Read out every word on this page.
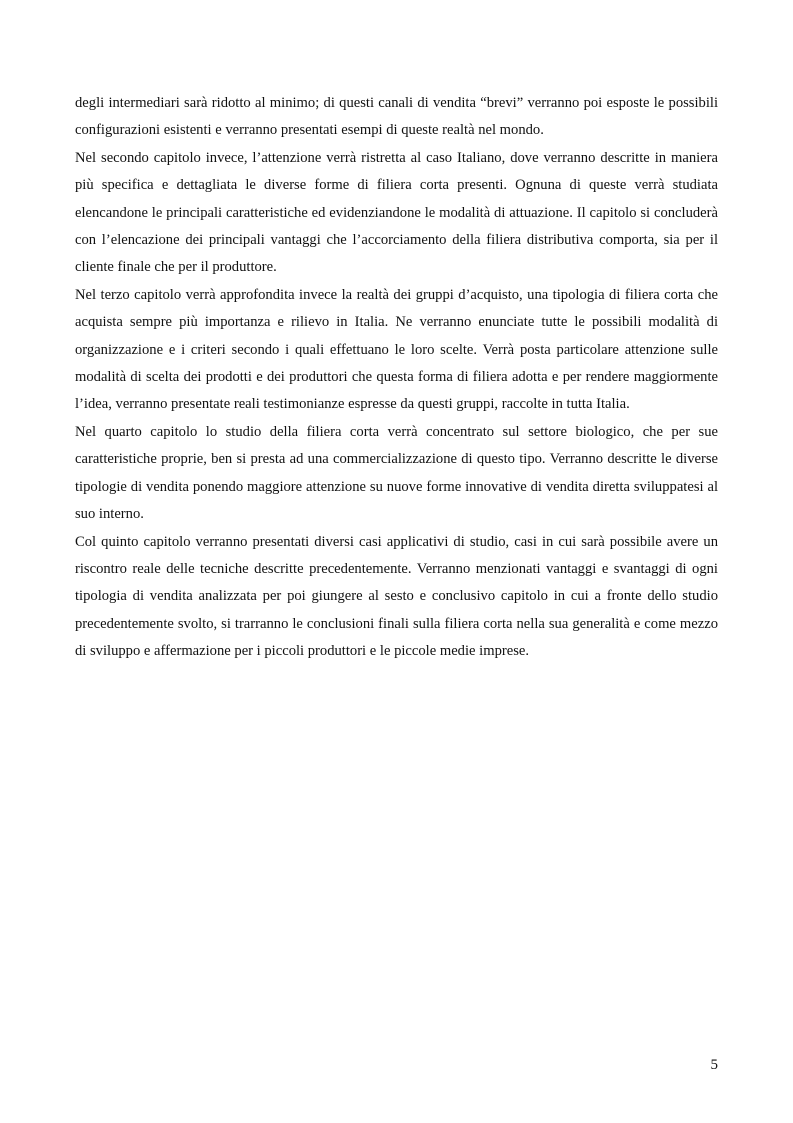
degli intermediari sarà ridotto al minimo; di questi canali di vendita “brevi” verranno poi esposte le possibili configurazioni esistenti e verranno presentati esempi di queste realtà nel mondo.

Nel secondo capitolo invece, l’attenzione verrà ristretta al caso Italiano, dove verranno descritte in maniera più specifica e dettagliata le diverse forme di filiera corta presenti. Ognuna di queste verrà studiata elencandone le principali caratteristiche ed evidenziandone le modalità di attuazione. Il capitolo si concluderà con l’elencazione dei principali vantaggi che l’accorciamento della filiera distributiva comporta, sia per il cliente finale che per il produttore.

Nel terzo capitolo verrà approfondita invece la realtà dei gruppi d’acquisto, una tipologia di filiera corta che acquista sempre più importanza e rilievo in Italia. Ne verranno enunciate tutte le possibili modalità di organizzazione e i criteri secondo i quali effettuano le loro scelte. Verrà posta particolare attenzione sulle modalità di scelta dei prodotti e dei produttori che questa forma di filiera adotta e per rendere maggiormente l’idea, verranno presentate reali testimonianze espresse da questi gruppi, raccolte in tutta Italia.

Nel quarto capitolo lo studio della filiera corta verrà concentrato sul settore biologico, che per sue caratteristiche proprie, ben si presta ad una commercializzazione di questo tipo. Verranno descritte le diverse tipologie di vendita ponendo maggiore attenzione su nuove forme innovative di vendita diretta sviluppatesi al suo interno.

Col quinto capitolo verranno presentati diversi casi applicativi di studio, casi in cui sarà possibile avere un riscontro reale delle tecniche descritte precedentemente. Verranno menzionati vantaggi e svantaggi di ogni tipologia di vendita analizzata per poi giungere al sesto e conclusivo capitolo in cui a fronte dello studio precedentemente svolto, si trarranno le conclusioni finali sulla filiera corta nella sua generalità e come mezzo di sviluppo e affermazione per i piccoli produttori e le piccole medie imprese.

5
